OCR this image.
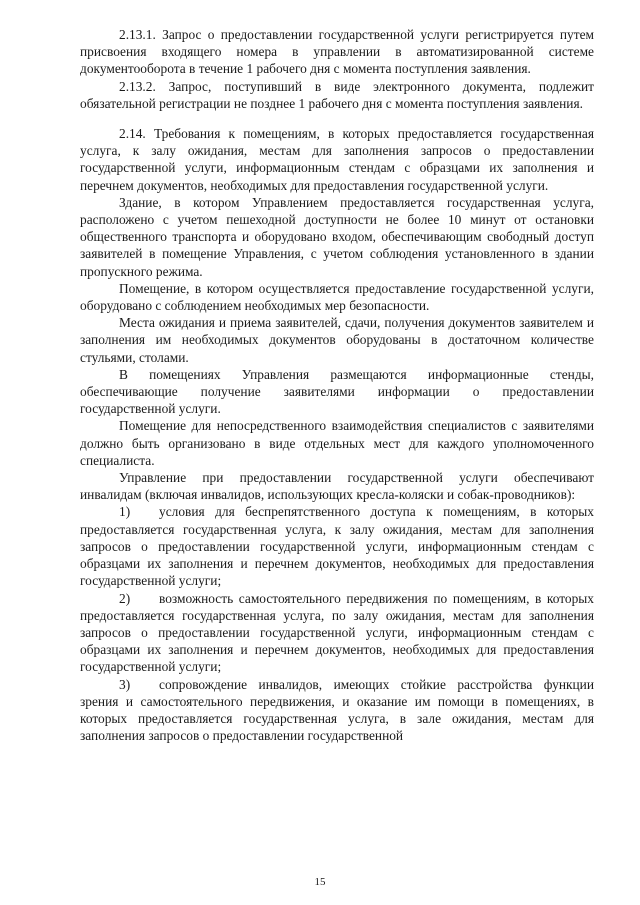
2.13.1. Запрос о предоставлении государственной услуги регистрируется путем присвоения входящего номера в управлении в автоматизированной системе документооборота в течение 1 рабочего дня с момента поступления заявления.

2.13.2. Запрос, поступивший в виде электронного документа, подлежит обязательной регистрации не позднее 1 рабочего дня с момента поступления заявления.

2.14. Требования к помещениям, в которых предоставляется государственная услуга, к залу ожидания, местам для заполнения запросов о предоставлении государственной услуги, информационным стендам с образцами их заполнения и перечнем документов, необходимых для предоставления государственной услуги.

Здание, в котором Управлением предоставляется государственная услуга, расположено с учетом пешеходной доступности не более 10 минут от остановки общественного транспорта и оборудовано входом, обеспечивающим свободный доступ заявителей в помещение Управления, с учетом соблюдения установленного в здании пропускного режима.

Помещение, в котором осуществляется предоставление государственной услуги, оборудовано с соблюдением необходимых мер безопасности.

Места ожидания и приема заявителей, сдачи, получения документов заявителем и заполнения им необходимых документов оборудованы в достаточном количестве стульями, столами.

В помещениях Управления размещаются информационные стенды, обеспечивающие получение заявителями информации о предоставлении государственной услуги.

Помещение для непосредственного взаимодействия специалистов с заявителями должно быть организовано в виде отдельных мест для каждого уполномоченного специалиста.

Управление при предоставлении государственной услуги обеспечивают инвалидам (включая инвалидов, использующих кресла-коляски и собак-проводников):

1) условия для беспрепятственного доступа к помещениям, в которых предоставляется государственная услуга, к залу ожидания, местам для заполнения запросов о предоставлении государственной услуги, информационным стендам с образцами их заполнения и перечнем документов, необходимых для предоставления государственной услуги;
2) возможность самостоятельного передвижения по помещениям, в которых предоставляется государственная услуга, по залу ожидания, местам для заполнения запросов о предоставлении государственной услуги, информационным стендам с образцами их заполнения и перечнем документов, необходимых для предоставления государственной услуги;
3) сопровождение инвалидов, имеющих стойкие расстройства функции зрения и самостоятельного передвижения, и оказание им помощи в помещениях, в которых предоставляется государственная услуга, в зале ожидания, местам для заполнения запросов о предоставлении государственной
15
